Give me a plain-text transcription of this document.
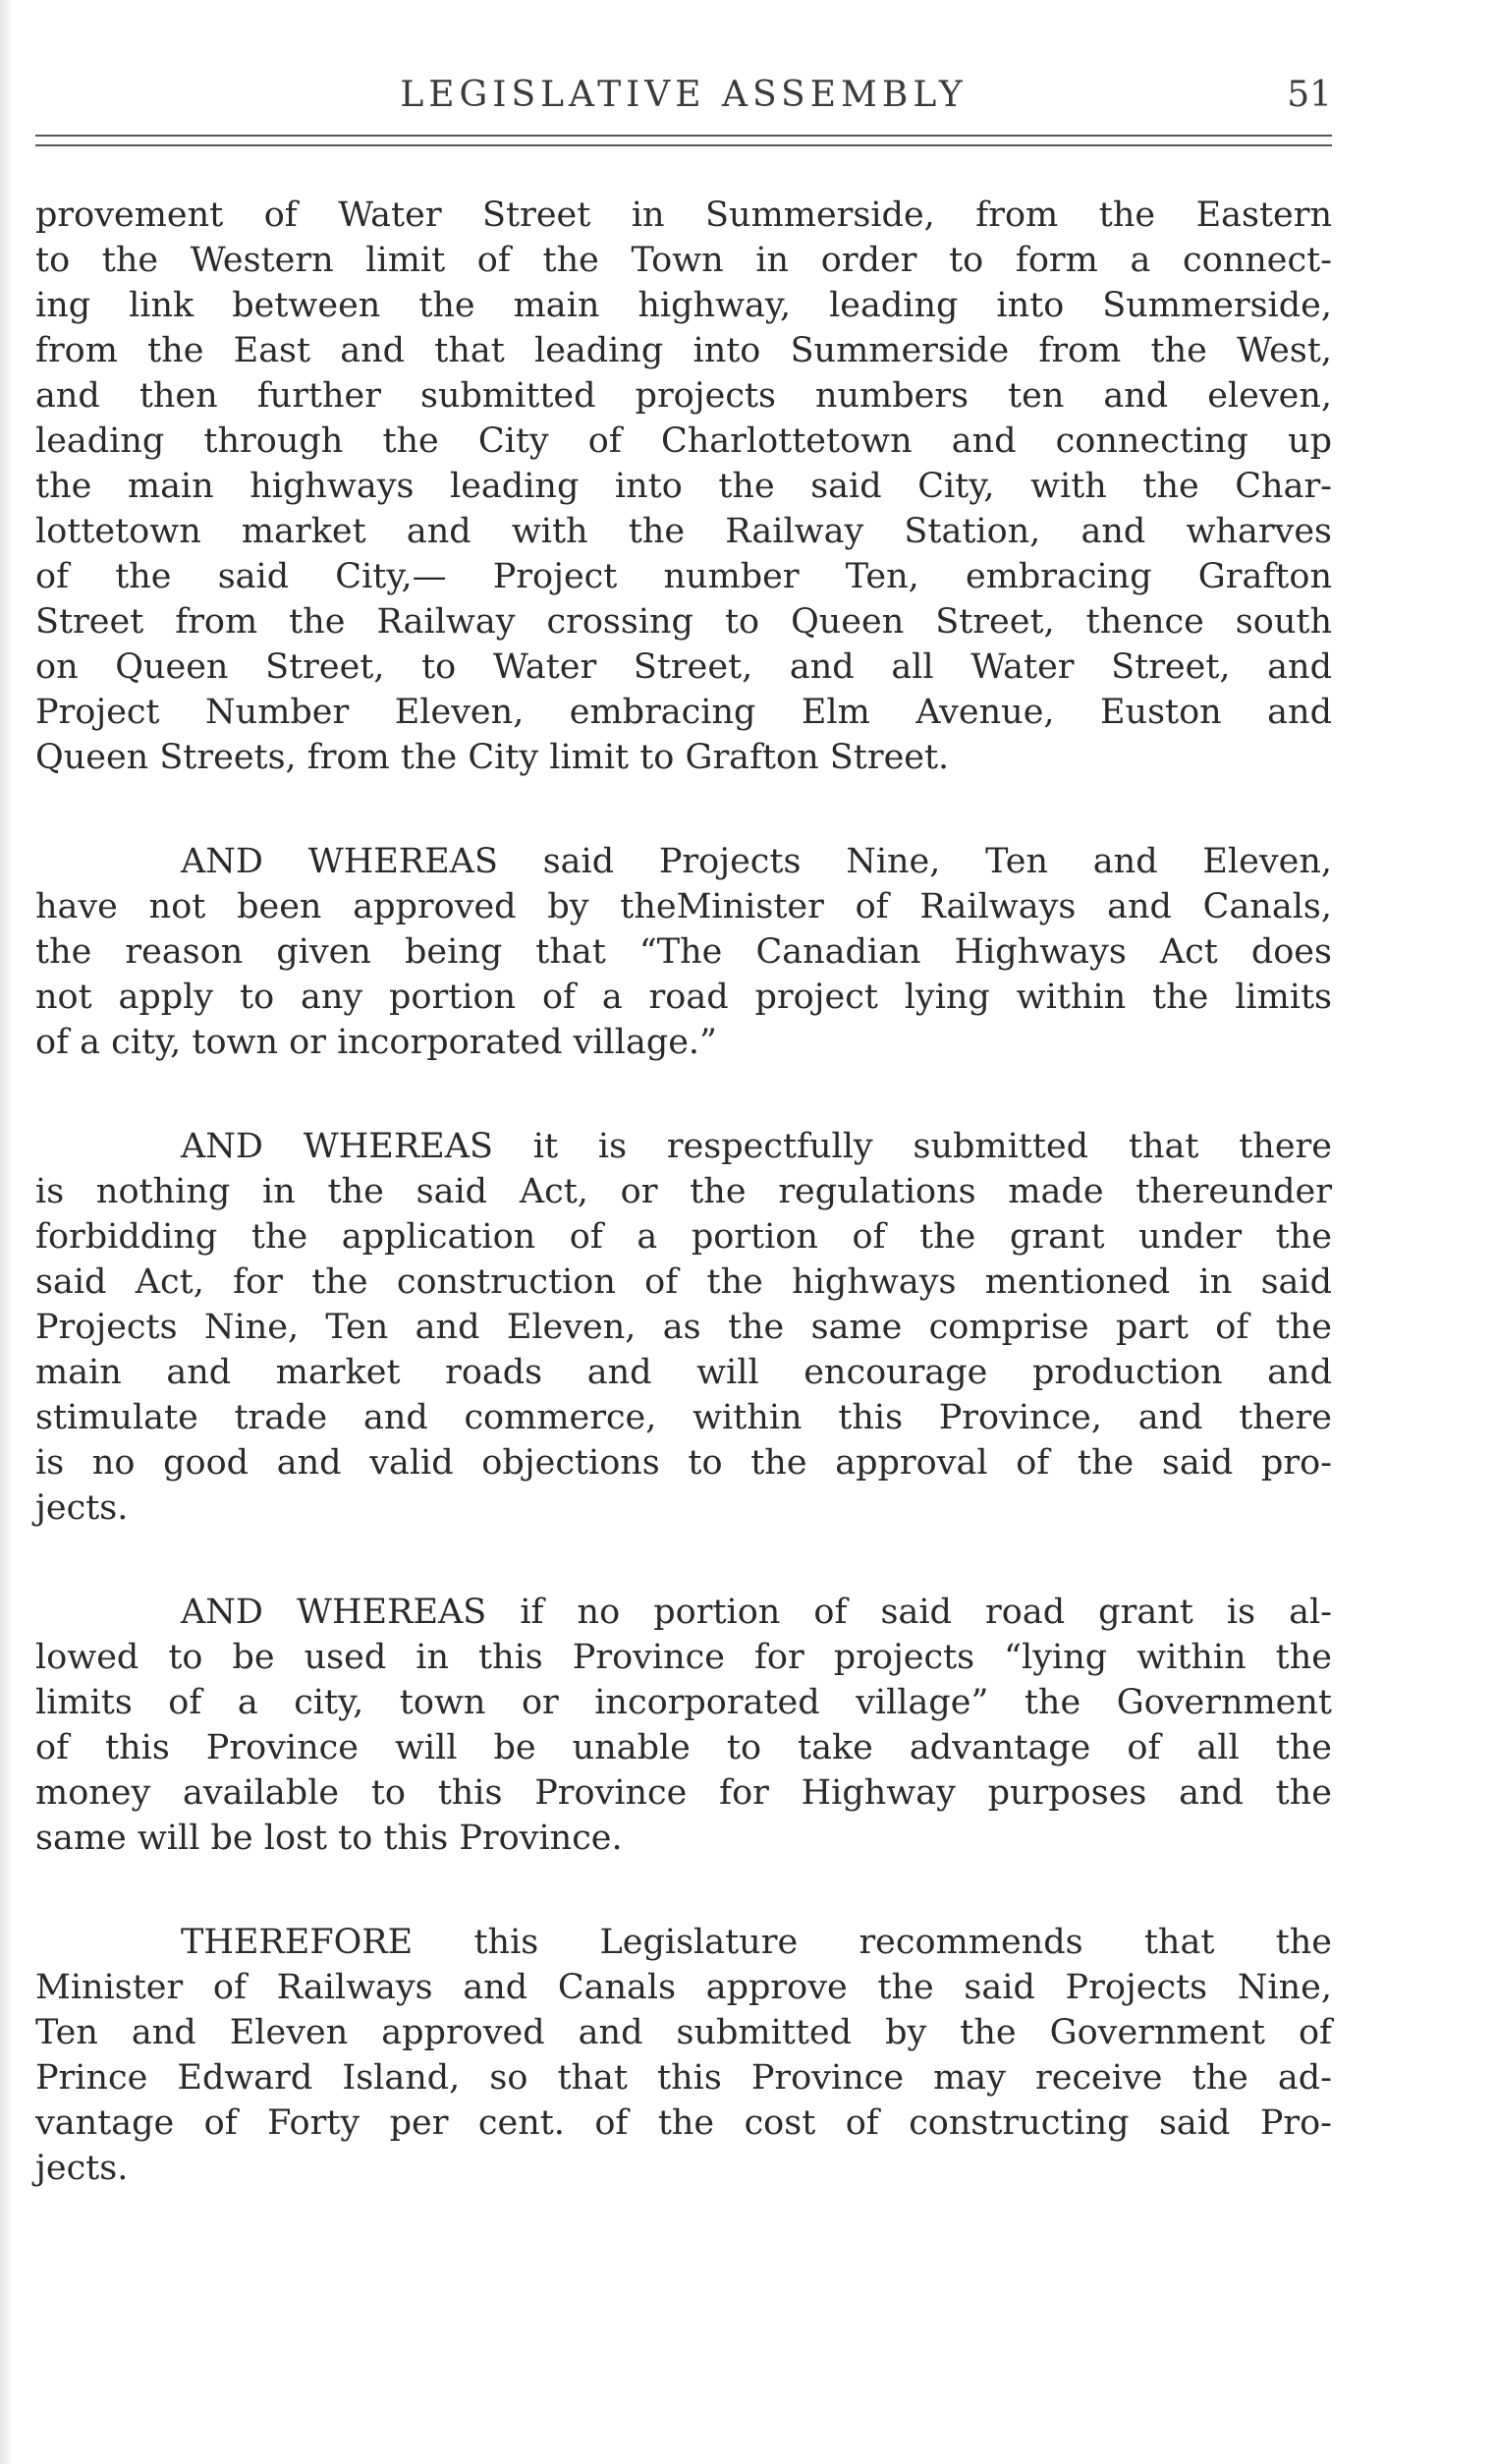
LEGISLATIVE ASSEMBLY	51
provement of Water Street in Summerside, from the Eastern
to the Western limit of the Town in order to form a connect-
ing link between the main highway, leading into Summerside,
from the East and that leading into Summerside from the West,
and then further submitted projects numbers ten and eleven,
leading through the City of Charlottetown and connecting up
the main highways leading into the said City, with the Char-
lottetown market and with the Railway Station, and wharves
of the said City,— Project number Ten, embracing Grafton
Street from the Railway crossing to Queen Street, thence south
on Queen Street, to Water Street, and all Water Street, and
Project Number Eleven, embracing Elm Avenue, Euston and
Queen Streets, from the City limit to Grafton Street.
AND WHEREAS said Projects Nine, Ten and Eleven,
have not been approved by theMinister of Railways and Canals,
the reason given being that “The Canadian Highways Act does
not apply to any portion of a road project lying within the limits
of a city, town or incorporated village.”
AND WHEREAS it is respectfully submitted that there
is nothing in the said Act, or the regulations made thereunder
forbidding the application of a portion of the grant under the
said Act, for the construction of the highways mentioned in said
Projects Nine, Ten and Eleven, as the same comprise part of the
main and market roads and will encourage production and
stimulate trade and commerce, within this Province, and there
is no good and valid objections to the approval of the said pro-
jects.
AND WHEREAS if no portion of said road grant is al-
lowed to be used in this Province for projects “lying within the
limits of a city, town or incorporated village” the Government
of this Province will be unable to take advantage of all the
money available to this Province for Highway purposes and the
same will be lost to this Province.
THEREFORE this Legislature recommends that the
Minister of Railways and Canals approve the said Projects Nine,
Ten and Eleven approved and submitted by the Government of
Prince Edward Island, so that this Province may receive the ad-
vantage of Forty per cent. of the cost of constructing said Pro-
jects.
